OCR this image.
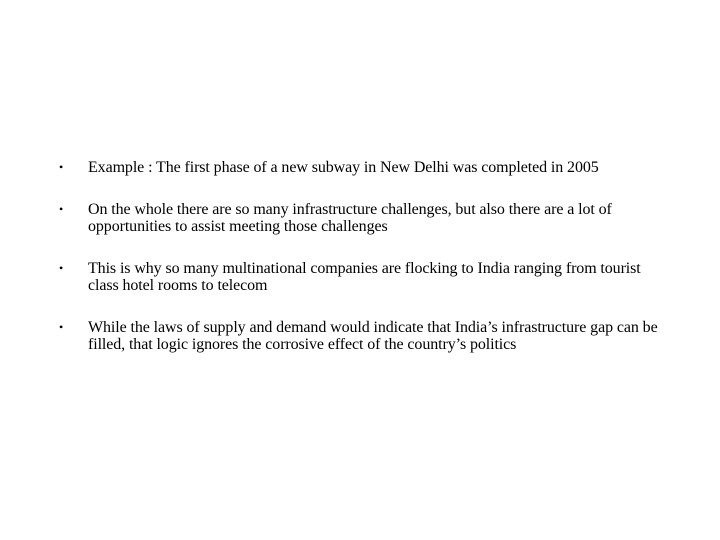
• Example : The first phase of a new subway in New Delhi was completed in 2005
• On the whole there are so many infrastructure challenges, but also there are a lot of opportunities to assist meeting those challenges
• This is why so many multinational companies are flocking to India ranging from tourist class hotel rooms to telecom
• While the laws of supply and demand would indicate that India’s infrastructure gap can be filled, that logic ignores the corrosive effect of the country’s politics
